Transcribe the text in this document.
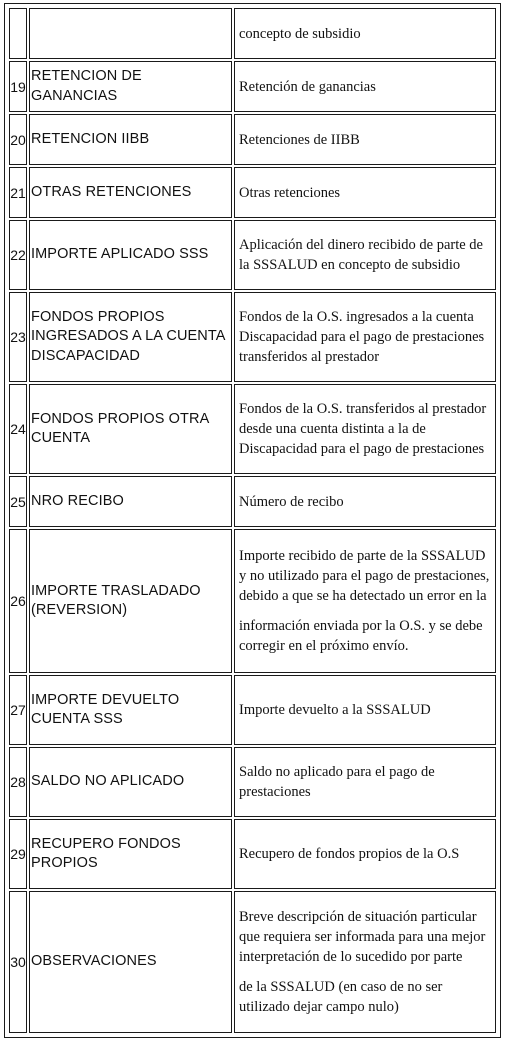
		concepto de subsidio
19	RETENCION DE GANANCIAS	Retención de ganancias
20	RETENCION IIBB	Retenciones de IIBB
21	OTRAS RETENCIONES	Otras retenciones
22	IMPORTE APLICADO SSS	Aplicación del dinero recibido de parte de la SSSALUD en concepto de subsidio
23	FONDOS PROPIOS INGRESADOS A LA CUENTA DISCAPACIDAD	Fondos de la O.S. ingresados a la cuenta Discapacidad para el pago de prestaciones transferidos al prestador
24	FONDOS PROPIOS OTRA CUENTA	Fondos de la O.S. transferidos al prestador desde una cuenta distinta a la de Discapacidad para el pago de prestaciones
25	NRO RECIBO	Número de recibo
26	IMPORTE TRASLADADO (REVERSION)	Importe recibido de parte de la SSSALUD y no utilizado para el pago de prestaciones, debido a que se ha detectado un error en la
información enviada por la O.S. y se debe corregir en el próximo envío.
27	IMPORTE DEVUELTO CUENTA SSS	Importe devuelto a la SSSALUD
28	SALDO NO APLICADO	Saldo no aplicado para el pago de prestaciones
29	RECUPERO FONDOS PROPIOS	Recupero de fondos propios de la O.S
30	OBSERVACIONES	Breve descripción de situación particular que requiera ser informada para una mejor interpretación de lo sucedido por parte
de la SSSALUD (en caso de no ser utilizado dejar campo nulo)
